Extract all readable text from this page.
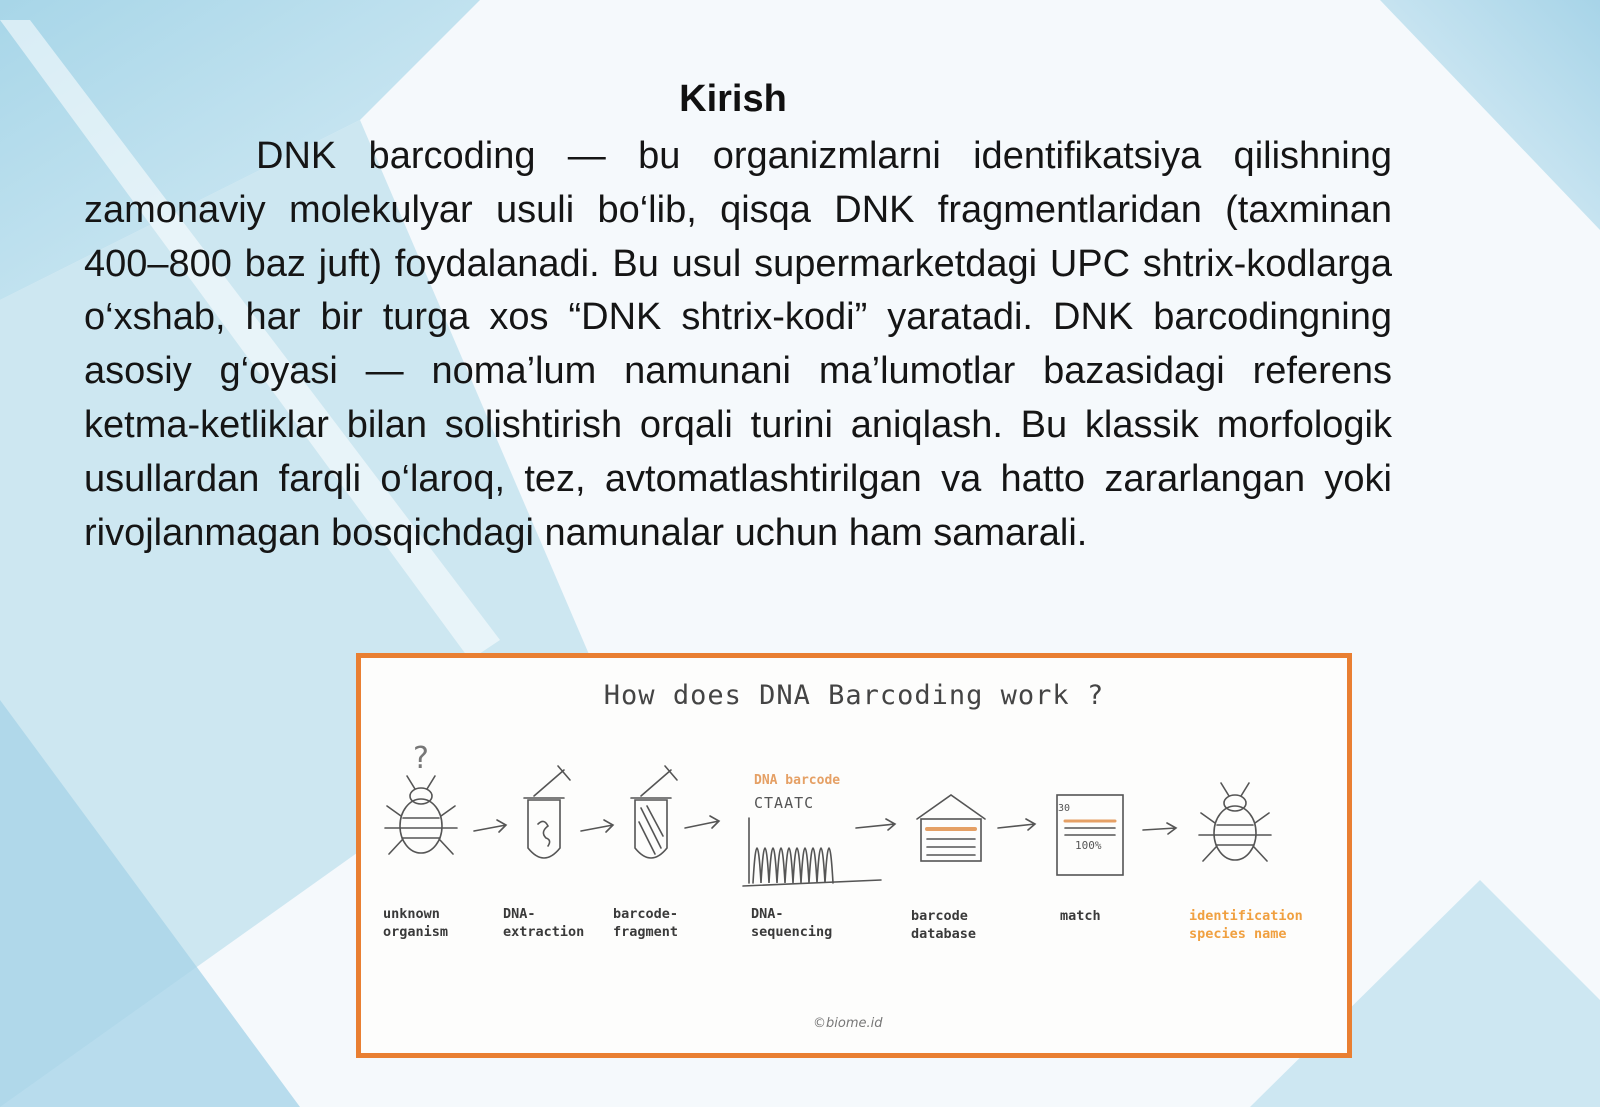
Kirish

DNK barcoding — bu organizmlarni identifikatsiya qilishning zamonaviy molekulyar usuli bo‘lib, qisqa DNK fragmentlaridan (taxminan 400–800 baz juft) foydalanadi. Bu usul supermarketdagi UPC shtrix-kodlarga o‘xshab, har bir turga xos “DNK shtrix-kodi” yaratadi. DNK barcodingning asosiy g‘oyasi — noma’lum namunani ma’lumotlar bazasidagi referens ketma-ketliklar bilan solishtirish orqali turini aniqlash. Bu klassik morfologik usullardan farqli o‘laroq, tez, avtomatlashtirilgan va hatto zararlangan yoki rivojlanmagan bosqichdagi namunalar uchun ham samarali.

How does DNA Barcoding work ?
?
30
DNA barcode
CTAATC
100%
unknown
organism
DNA-
extraction
barcode-
fragment
DNA-
sequencing
barcode
database
match	identification
species name
©biome.id
